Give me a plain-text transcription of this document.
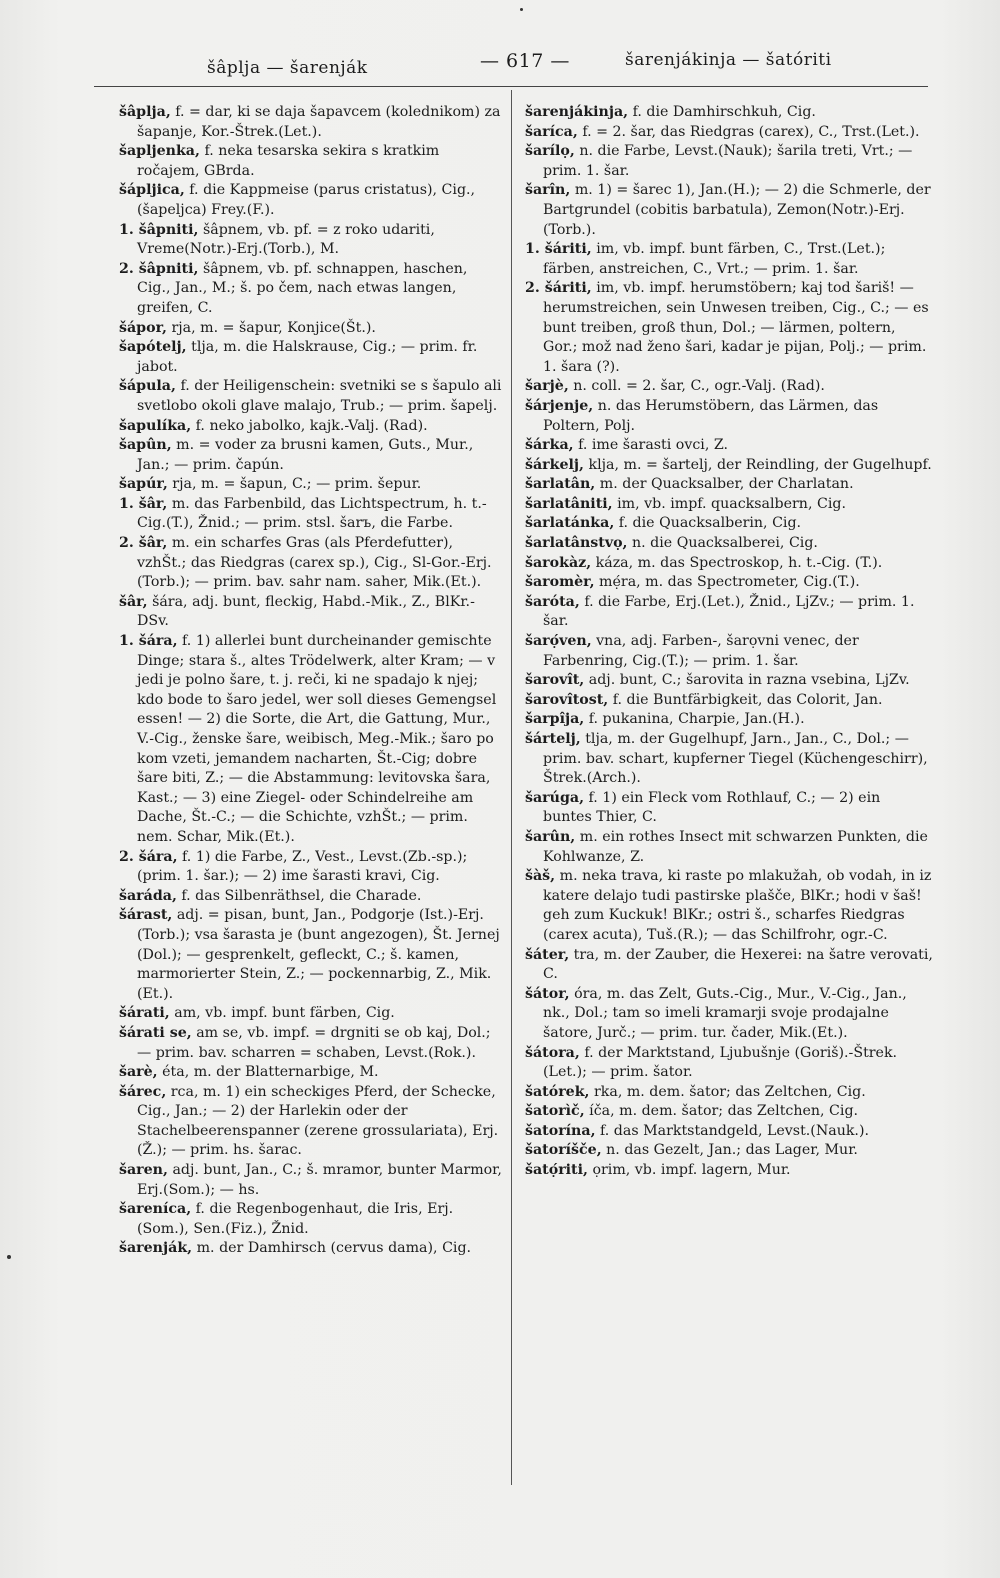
šâplja — šarenják	— 617 —	šarenjákinja — šatóriti

šâplja, f. = dar, ki se daja šapavcem (kolednikom) za šapanje, Kor.-Štrek.(Let.).

šapljenka, f. neka tesarska sekira s kratkim ročajem, GBrda.

šápljica, f. die Kappmeise (parus cristatus), Cig., (šapeljca) Frey.(F.).

1. šâpniti, šâpnem, vb. pf. = z roko udariti, Vreme(Notr.)-Erj.(Torb.), M.

2. šâpniti, šâpnem, vb. pf. schnappen, haschen, Cig., Jan., M.; š. po čem, nach etwas langen, greifen, C.

šápor, rja, m. = šapur, Konjice(Št.).

šapótelj, tlja, m. die Halskrause, Cig.; — prim. fr. jabot.

šápula, f. der Heiligenschein: svetniki se s šapulo ali svetlobo okoli glave malajo, Trub.; — prim. šapelj.

šapulíka, f. neko jabolko, kajk.-Valj. (Rad).

šapûn, m. = voder za brusni kamen, Guts., Mur., Jan.; — prim. čapún.

šapúr, rja, m. = šapun, C.; — prim. šepur.

1. šâr, m. das Farbenbild, das Lichtspectrum, h. t.-Cig.(T.), Žnid.; — prim. stsl. šarъ, die Farbe.

2. šâr, m. ein scharfes Gras (als Pferdefutter), vzhŠt.; das Riedgras (carex sp.), Cig., Sl-Gor.-Erj.(Torb.); — prim. bav. sahr nam. saher, Mik.(Et.).

šâr, šára, adj. bunt, fleckig, Habd.-Mik., Z., BlKr.-DSv.

1. šára, f. 1) allerlei bunt durcheinander gemischte Dinge; stara š., altes Trödelwerk, alter Kram; — v jedi je polno šare, t. j. reči, ki ne spadajo k njej; kdo bode to šaro jedel, wer soll dieses Gemengsel essen! — 2) die Sorte, die Art, die Gattung, Mur., V.-Cig., ženske šare, weibisch, Meg.-Mik.; šaro po kom vzeti, jemandem nacharten, Št.-Cig; dobre šare biti, Z.; — die Abstammung: levitovska šara, Kast.; — 3) eine Ziegel- oder Schindelreihe am Dache, Št.-C.; — die Schichte, vzhŠt.; — prim. nem. Schar, Mik.(Et.).

2. šára, f. 1) die Farbe, Z., Vest., Levst.(Zb.-sp.); (prim. 1. šar.); — 2) ime šarasti kravi, Cig.

šaráda, f. das Silbenräthsel, die Charade.

šárast, adj. = pisan, bunt, Jan., Podgorje (Ist.)-Erj.(Torb.); vsa šarasta je (bunt angezogen), Št. Jernej (Dol.); — gesprenkelt, gefleckt, C.; š. kamen, marmorierter Stein, Z.; — pockennarbig, Z., Mik.(Et.).

šárati, am, vb. impf. bunt färben, Cig.

šárati se, am se, vb. impf. = drgniti se ob kaj, Dol.; — prim. bav. scharren = schaben, Levst.(Rok.).

šarè, éta, m. der Blatternarbige, M.

šárec, rca, m. 1) ein scheckiges Pferd, der Schecke, Cig., Jan.; — 2) der Harlekin oder der Stachelbeerenspanner (zerene grossulariata), Erj.(Ž.); — prim. hs. šarac.

šaren, adj. bunt, Jan., C.; š. mramor, bunter Marmor, Erj.(Som.); — hs.

šareníca, f. die Regenbogenhaut, die Iris, Erj. (Som.), Sen.(Fiz.), Žnid.

šarenják, m. der Damhirsch (cervus dama), Cig.

šarenjákinja, f. die Damhirschkuh, Cig.

šaríca, f. = 2. šar, das Riedgras (carex), C., Trst.(Let.).

šarílọ, n. die Farbe, Levst.(Nauk); šarila treti, Vrt.; — prim. 1. šar.

šarîn, m. 1) = šarec 1), Jan.(H.); — 2) die Schmerle, der Bartgrundel (cobitis barbatula), Zemon(Notr.)-Erj.(Torb.).

1. šáriti, im, vb. impf. bunt färben, C., Trst.(Let.); färben, anstreichen, C., Vrt.; — prim. 1. šar.

2. šáriti, im, vb. impf. herumstöbern; kaj tod šariš! — herumstreichen, sein Unwesen treiben, Cig., C.; — es bunt treiben, groß thun, Dol.; — lärmen, poltern, Gor.; mož nad ženo šari, kadar je pijan, Polj.; — prim. 1. šara (?).

šarjè, n. coll. = 2. šar, C., ogr.-Valj. (Rad).

šárjenje, n. das Herumstöbern, das Lärmen, das Poltern, Polj.

šárka, f. ime šarasti ovci, Z.

šárkelj, klja, m. = šartelj, der Reindling, der Gugelhupf.

šarlatân, m. der Quacksalber, der Charlatan.

šarlatâniti, im, vb. impf. quacksalbern, Cig.

šarlatánka, f. die Quacksalberin, Cig.

šarlatânstvọ, n. die Quacksalberei, Cig.

šarokàz, káza, m. das Spectroskop, h. t.-Cig. (T.).

šaromèr, mẹ́ra, m. das Spectrometer, Cig.(T.).

šaróta, f. die Farbe, Erj.(Let.), Žnid., LjZv.; — prim. 1. šar.

šarọ́ven, vna, adj. Farben-, šarọvni venec, der Farbenring, Cig.(T.); — prim. 1. šar.

šarovît, adj. bunt, C.; šarovita in razna vsebina, LjZv.

šarovîtost, f. die Buntfärbigkeit, das Colorit, Jan.

šarpîja, f. pukanina, Charpie, Jan.(H.).

šártelj, tlja, m. der Gugelhupf, Jarn., Jan., C., Dol.; — prim. bav. schart, kupferner Tiegel (Küchengeschirr), Štrek.(Arch.).

šarúga, f. 1) ein Fleck vom Rothlauf, C.; — 2) ein buntes Thier, C.

šarûn, m. ein rothes Insect mit schwarzen Punkten, die Kohlwanze, Z.

šàš, m. neka trava, ki raste po mlakužah, ob vodah, in iz katere delajo tudi pastirske plašče, BlKr.; hodi v šaš! geh zum Kuckuk! BlKr.; ostri š., scharfes Riedgras (carex acuta), Tuš.(R.); — das Schilfrohr, ogr.-C.

šáter, tra, m. der Zauber, die Hexerei: na šatre verovati, C.

šátor, óra, m. das Zelt, Guts.-Cig., Mur., V.-Cig., Jan., nk., Dol.; tam so imeli kramarji svoje prodajalne šatore, Jurč.; — prim. tur. čader, Mik.(Et.).

šátora, f. der Marktstand, Ljubušnje (Goriš).-Štrek.(Let.); — prim. šator.

šatórek, rka, m. dem. šator; das Zeltchen, Cig.

šatorìč, íča, m. dem. šator; das Zeltchen, Cig.

šatorína, f. das Marktstandgeld, Levst.(Nauk.).

šatoríšče, n. das Gezelt, Jan.; das Lager, Mur.

šatọ́riti, ọrim, vb. impf. lagern, Mur.
